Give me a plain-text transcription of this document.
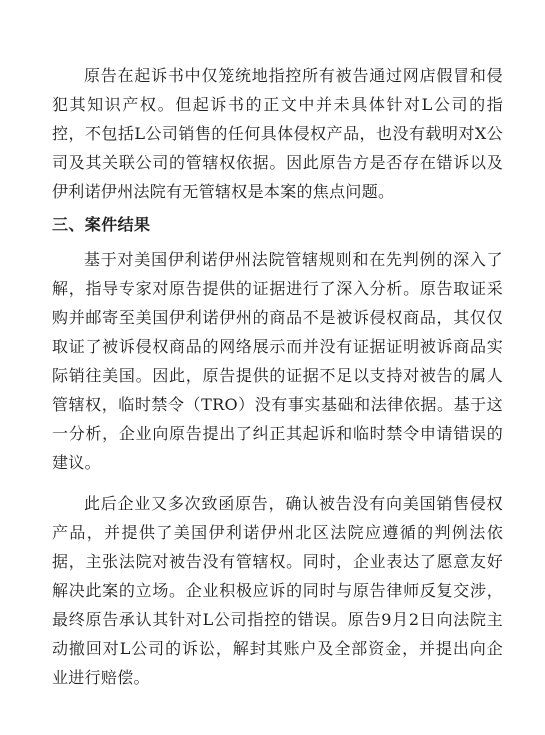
原告在起诉书中仅笼统地指控所有被告通过网店假冒和侵犯其知识产权。但起诉书的正文中并未具体针对L公司的指控，不包括L公司销售的任何具体侵权产品，也没有载明对X公司及其关联公司的管辖权依据。因此原告方是否存在错诉以及伊利诺伊州法院有无管辖权是本案的焦点问题。

三、案件结果

基于对美国伊利诺伊州法院管辖规则和在先判例的深入了解，指导专家对原告提供的证据进行了深入分析。原告取证采购并邮寄至美国伊利诺伊州的商品不是被诉侵权商品，其仅仅取证了被诉侵权商品的网络展示而并没有证据证明被诉商品实际销往美国。因此，原告提供的证据不足以支持对被告的属人管辖权，临时禁令（TRO）没有事实基础和法律依据。基于这一分析，企业向原告提出了纠正其起诉和临时禁令申请错误的建议。

此后企业又多次致函原告，确认被告没有向美国销售侵权产品，并提供了美国伊利诺伊州北区法院应遵循的判例法依据，主张法院对被告没有管辖权。同时，企业表达了愿意友好解决此案的立场。企业积极应诉的同时与原告律师反复交涉，最终原告承认其针对L公司指控的错误。原告9月2日向法院主动撤回对L公司的诉讼，解封其账户及全部资金，并提出向企业进行赔偿。
